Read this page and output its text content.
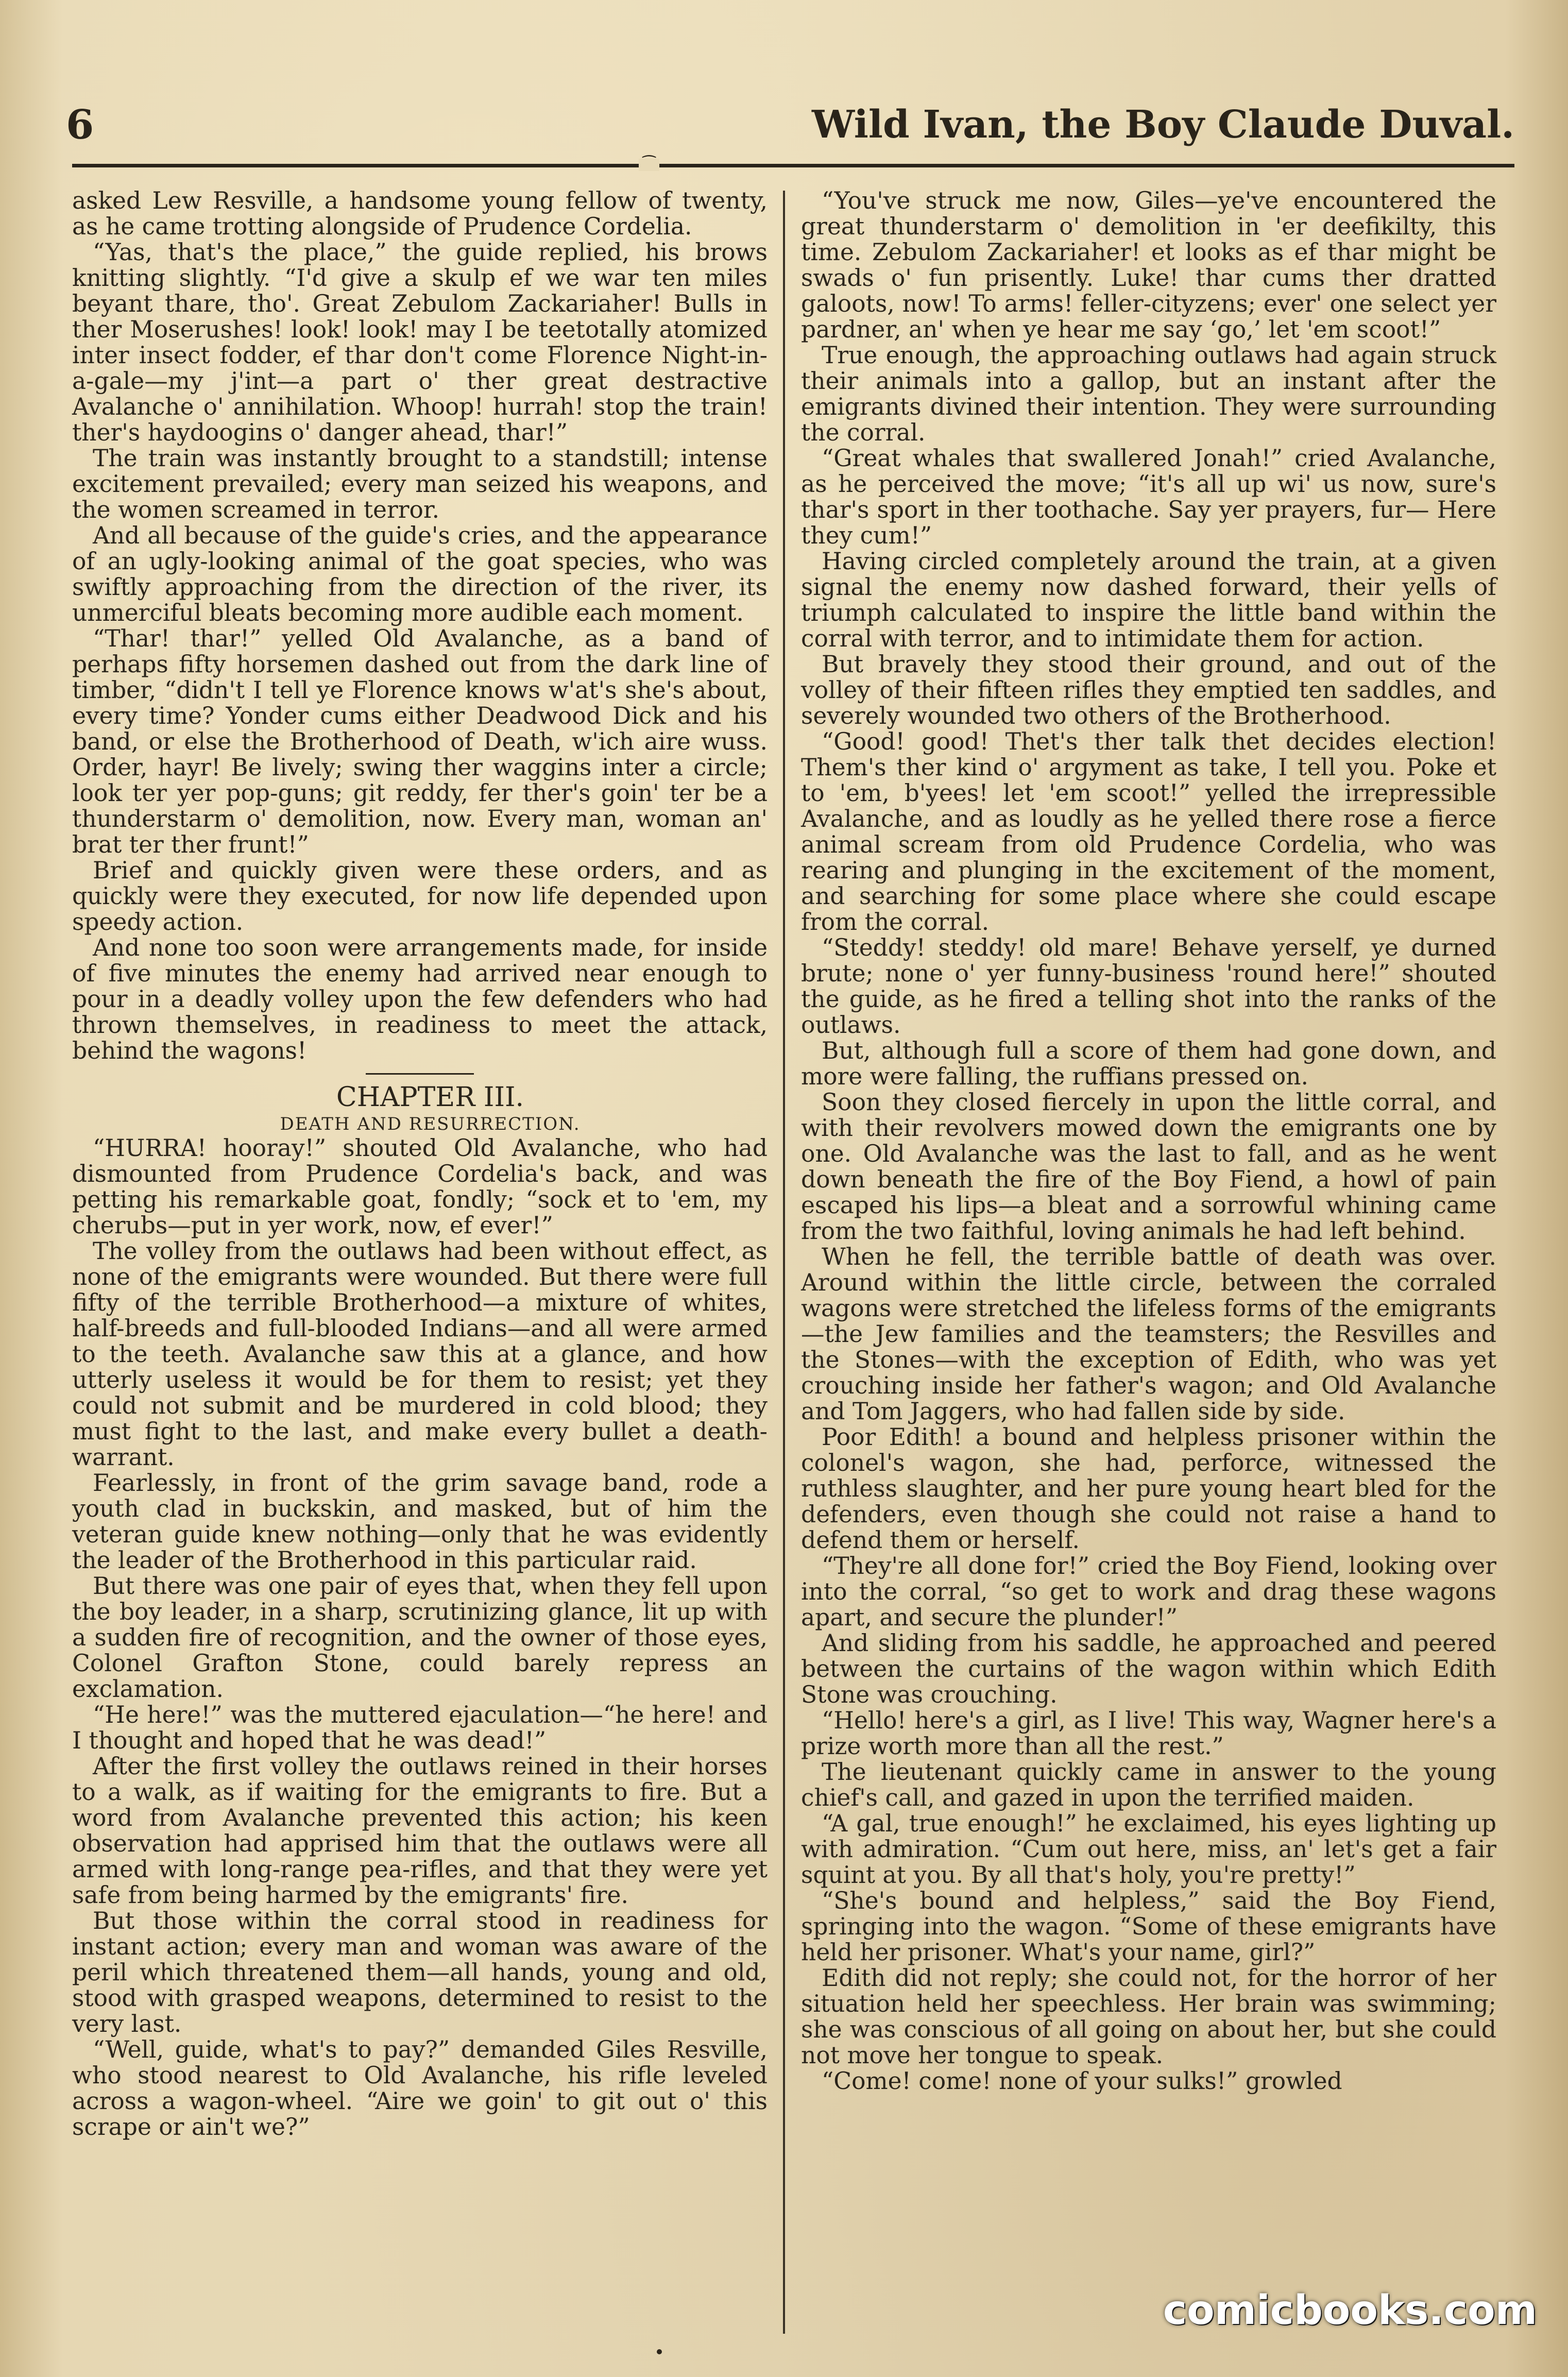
6	Wild Ivan, the Boy Claude Duval.
⁀

asked Lew Resville, a handsome young fellow of twenty, as he came trotting alongside of Prudence Cordelia.

“Yas, that's the place,” the guide replied, his brows knitting slightly. “I'd give a skulp ef we war ten miles beyant thare, tho'. Great Zebulom Zackariaher! Bulls in ther Moserushes! look! look! may I be teetotally atomized inter insect fodder, ef thar don't come Florence Night-in-a-gale—my j'int—a part o' ther great destractive Avalanche o' annihilation. Whoop! hurrah! stop the train! ther's haydoogins o' danger ahead, thar!”

The train was instantly brought to a standstill; intense excitement prevailed; every man seized his weapons, and the women screamed in terror.

And all because of the guide's cries, and the appearance of an ugly-looking animal of the goat species, who was swiftly approaching from the direction of the river, its unmerciful bleats becoming more audible each moment.

“Thar! thar!” yelled Old Avalanche, as a band of perhaps fifty horsemen dashed out from the dark line of timber, “didn't I tell ye Florence knows w'at's she's about, every time? Yonder cums either Deadwood Dick and his band, or else the Brotherhood of Death, w'ich aire wuss. Order, hayr! Be lively; swing ther waggins inter a circle; look ter yer pop-guns; git reddy, fer ther's goin' ter be a thunderstarm o' demolition, now. Every man, woman an' brat ter ther frunt!”

Brief and quickly given were these orders, and as quickly were they executed, for now life depended upon speedy action.

And none too soon were arrangements made, for inside of five minutes the enemy had arrived near enough to pour in a deadly volley upon the few defenders who had thrown themselves, in readiness to meet the attack, behind the wagons!

CHAPTER III.

DEATH AND RESURRECTION.

“HURRA! hooray!” shouted Old Avalanche, who had dismounted from Prudence Cordelia's back, and was petting his remarkable goat, fondly; “sock et to 'em, my cherubs—put in yer work, now, ef ever!”

The volley from the outlaws had been without effect, as none of the emigrants were wounded. But there were full fifty of the terrible Brotherhood—a mixture of whites, half-breeds and full-blooded Indians—and all were armed to the teeth. Avalanche saw this at a glance, and how utterly useless it would be for them to resist; yet they could not submit and be murdered in cold blood; they must fight to the last, and make every bullet a death-warrant.

Fearlessly, in front of the grim savage band, rode a youth clad in buckskin, and masked, but of him the veteran guide knew nothing—only that he was evidently the leader of the Brotherhood in this particular raid.

But there was one pair of eyes that, when they fell upon the boy leader, in a sharp, scrutinizing glance, lit up with a sudden fire of recognition, and the owner of those eyes, Colonel Grafton Stone, could barely repress an exclamation.

“He here!” was the muttered ejaculation—“he here! and I thought and hoped that he was dead!”

After the first volley the outlaws reined in their horses to a walk, as if waiting for the emigrants to fire. But a word from Avalanche prevented this action; his keen observation had apprised him that the outlaws were all armed with long-range pea-rifles, and that they were yet safe from being harmed by the emigrants' fire.

But those within the corral stood in readiness for instant action; every man and woman was aware of the peril which threatened them—all hands, young and old, stood with grasped weapons, determined to resist to the very last.

“Well, guide, what's to pay?” demanded Giles Resville, who stood nearest to Old Avalanche, his rifle leveled across a wagon-wheel. “Aire we goin' to git out o' this scrape or ain't we?”

“You've struck me now, Giles—ye've encountered the great thunderstarm o' demolition in 'er deefikilty, this time. Zebulom Zackariaher! et looks as ef thar might be swads o' fun prisently. Luke! thar cums ther dratted galoots, now! To arms! feller-cityzens; ever' one select yer pardner, an' when ye hear me say ‘go,’ let 'em scoot!”

True enough, the approaching outlaws had again struck their animals into a gallop, but an instant after the emigrants divined their intention. They were surrounding the corral.

“Great whales that swallered Jonah!” cried Avalanche, as he perceived the move; “it's all up wi' us now, sure's thar's sport in ther toothache. Say yer prayers, fur— Here they cum!”

Having circled completely around the train, at a given signal the enemy now dashed forward, their yells of triumph calculated to inspire the little band within the corral with terror, and to intimidate them for action.

But bravely they stood their ground, and out of the volley of their fifteen rifles they emptied ten saddles, and severely wounded two others of the Brotherhood.

“Good! good! Thet's ther talk thet decides election! Them's ther kind o' argyment as take, I tell you. Poke et to 'em, b'yees! let 'em scoot!” yelled the irrepressible Avalanche, and as loudly as he yelled there rose a fierce animal scream from old Prudence Cordelia, who was rearing and plunging in the excitement of the moment, and searching for some place where she could escape from the corral.

“Steddy! steddy! old mare! Behave yerself, ye durned brute; none o' yer funny-business 'round here!” shouted the guide, as he fired a telling shot into the ranks of the outlaws.

But, although full a score of them had gone down, and more were falling, the ruffians pressed on.

Soon they closed fiercely in upon the little corral, and with their revolvers mowed down the emigrants one by one. Old Avalanche was the last to fall, and as he went down beneath the fire of the Boy Fiend, a howl of pain escaped his lips—a bleat and a sorrowful whining came from the two faithful, loving animals he had left behind.

When he fell, the terrible battle of death was over. Around within the little circle, between the corraled wagons were stretched the lifeless forms of the emigrants—the Jew families and the teamsters; the Resvilles and the Stones—with the exception of Edith, who was yet crouching inside her father's wagon; and Old Avalanche and Tom Jaggers, who had fallen side by side.

Poor Edith! a bound and helpless prisoner within the colonel's wagon, she had, perforce, witnessed the ruthless slaughter, and her pure young heart bled for the defenders, even though she could not raise a hand to defend them or herself.

“They're all done for!” cried the Boy Fiend, looking over into the corral, “so get to work and drag these wagons apart, and secure the plunder!”

And sliding from his saddle, he approached and peered between the curtains of the wagon within which Edith Stone was crouching.

“Hello! here's a girl, as I live! This way, Wagner here's a prize worth more than all the rest.”

The lieutenant quickly came in answer to the young chief's call, and gazed in upon the terrified maiden.

“A gal, true enough!” he exclaimed, his eyes lighting up with admiration. “Cum out here, miss, an' let's get a fair squint at you. By all that's holy, you're pretty!”

“She's bound and helpless,” said the Boy Fiend, springing into the wagon. “Some of these emigrants have held her prisoner. What's your name, girl?”

Edith did not reply; she could not, for the horror of her situation held her speechless. Her brain was swimming; she was conscious of all going on about her, but she could not move her tongue to speak.

“Come! come! none of your sulks!” growled

comicbooks.com
